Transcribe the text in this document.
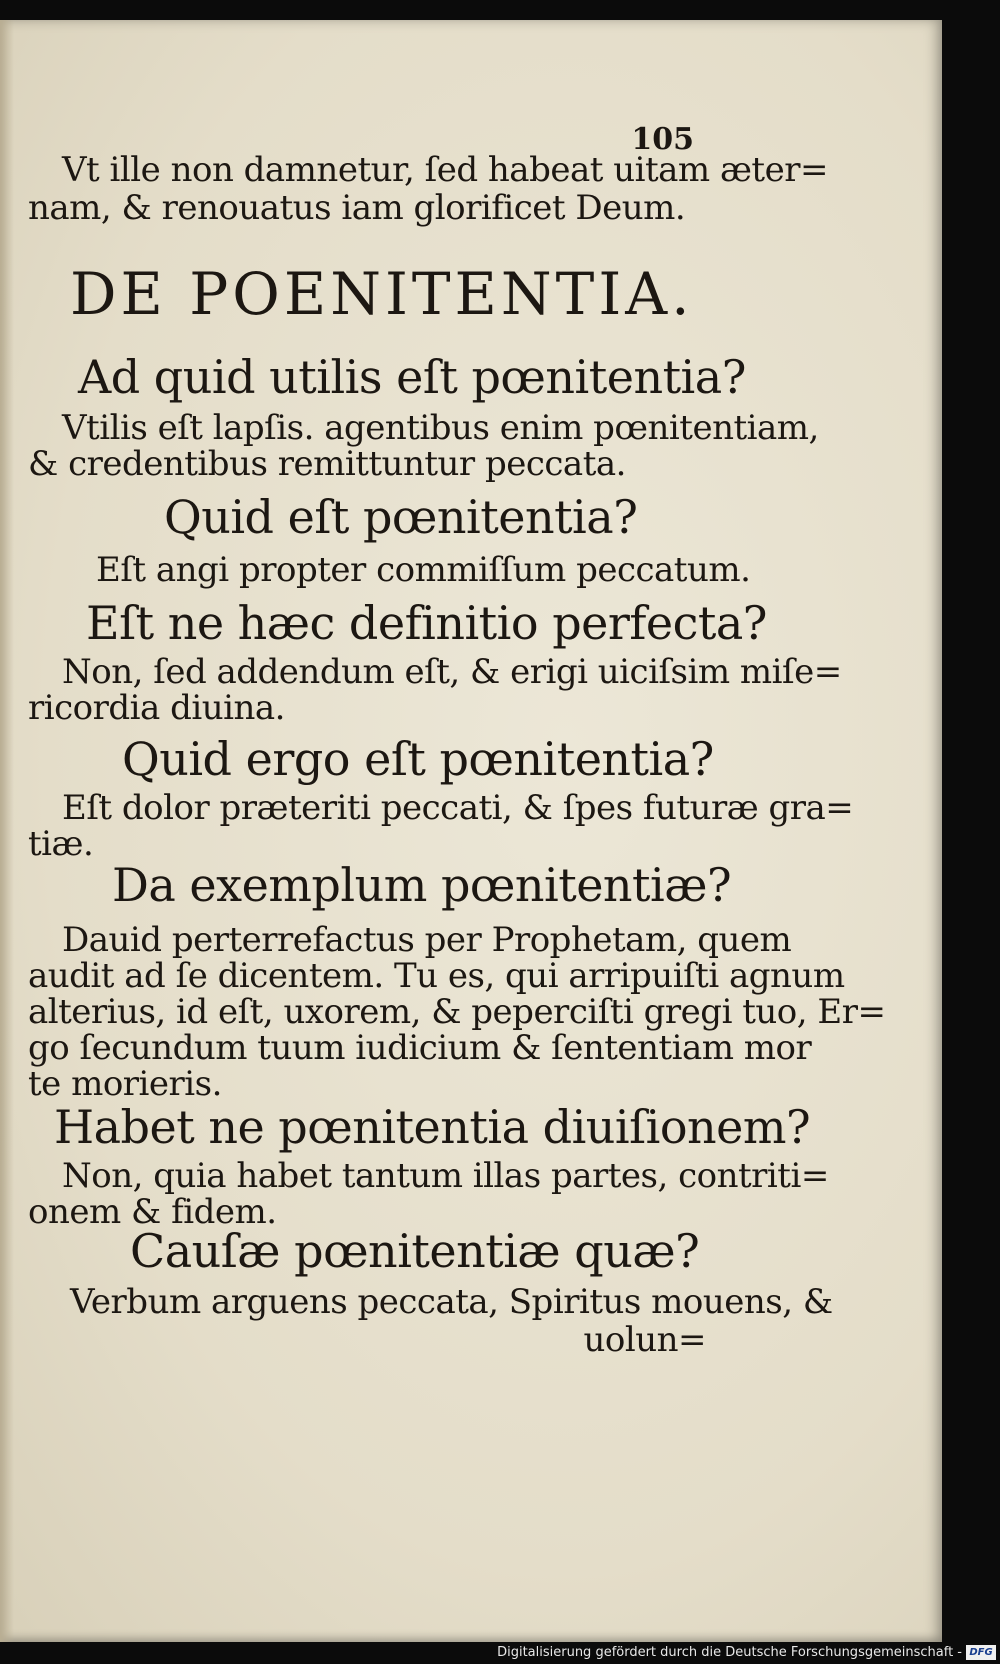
105
Vt ille non damnetur, ſed habeat uitam æter=
nam, & renouatus iam glorificet Deum.
DE POENITENTIA.
Ad quid utilis eſt pœnitentia?
Vtilis eſt lapſis. agentibus enim pœnitentiam,
& credentibus remittuntur peccata.
Quid eſt pœnitentia?
Eſt angi propter commiſſum peccatum.
Eſt ne hæc definitio perfecta?
Non, ſed addendum eſt, & erigi uiciſsim miſe=
ricordia diuina.
Quid ergo eſt pœnitentia?
Eſt dolor præteriti peccati, & ſpes futuræ gra=
tiæ.
Da exemplum pœnitentiæ?
Dauid perterrefactus per Prophetam, quem
audit ad ſe dicentem. Tu es, qui arripuiſti agnum
alterius, id eſt, uxorem, & peperciſti gregi tuo, Er=
go ſecundum tuum iudicium & ſententiam mor
te morieris.
Habet ne pœnitentia diuiſionem?
Non, quia habet tantum illas partes, contriti=
onem & fidem.
Cauſæ pœnitentiæ quæ?
Verbum arguens peccata, Spiritus mouens, &
uolun=
Digitalisierung gefördert durch die Deutsche Forschungsgemeinschaft - DFG
